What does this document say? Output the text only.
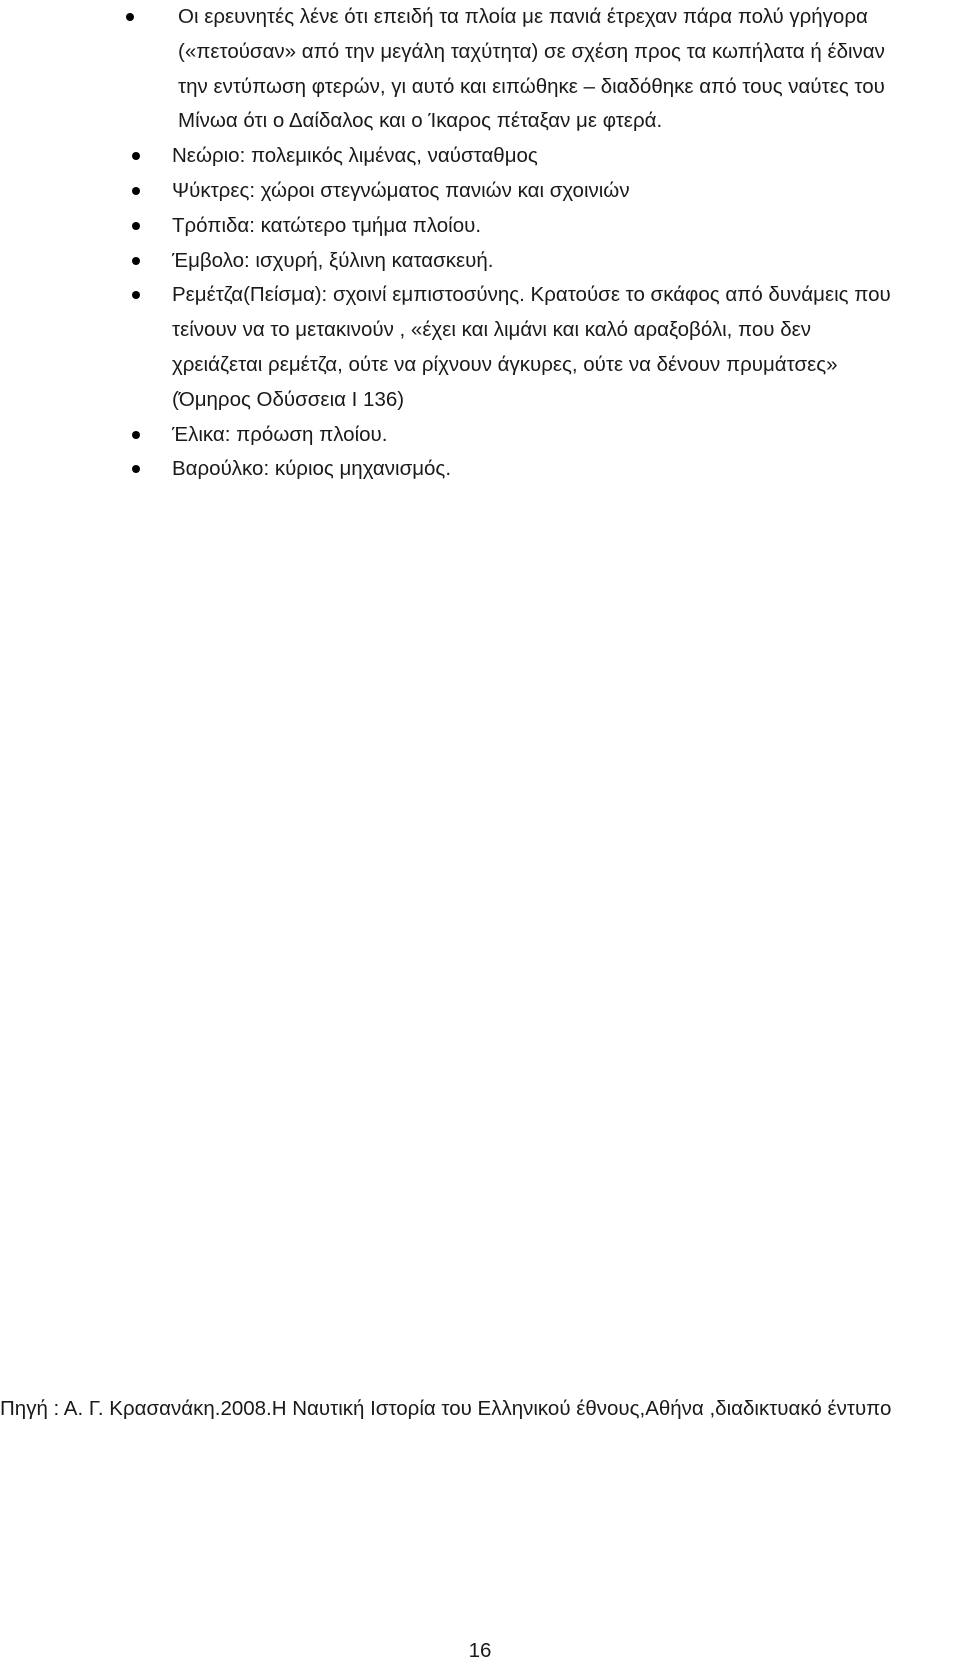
Οι ερευνητές λένε ότι επειδή τα πλοία με πανιά έτρεχαν πάρα πολύ γρήγορα («πετούσαν» από την μεγάλη ταχύτητα) σε σχέση προς τα κωπήλατα ή έδιναν την εντύπωση φτερών, γι αυτό και ειπώθηκε – διαδόθηκε από τους ναύτες του Μίνωα ότι ο Δαίδαλος και ο Ίκαρος πέταξαν με φτερά.
Νεώριο: πολεμικός λιμένας, ναύσταθμος
Ψύκτρες: χώροι στεγνώματος πανιών και σχοινιών
Τρόπιδα: κατώτερο τμήμα πλοίου.
Έμβολο: ισχυρή, ξύλινη κατασκευή.
Ρεμέτζα(Πείσμα): σχοινί εμπιστοσύνης. Κρατούσε το σκάφος από δυνάμεις που τείνουν να το μετακινούν , «έχει και λιμάνι και καλό αραξοβόλι, που δεν χρειάζεται ρεμέτζα, ούτε να ρίχνουν άγκυρες, ούτε να δένουν πρυμάτσες» (Όμηρος Οδύσσεια Ι 136)
Έλικα: πρόωση πλοίου.
Βαρούλκο: κύριος μηχανισμός.

Πηγή : Α. Γ. Κρασανάκη.2008.Η Ναυτική Ιστορία του Ελληνικού έθνους,Αθήνα ,διαδικτυακό έντυπο

16
